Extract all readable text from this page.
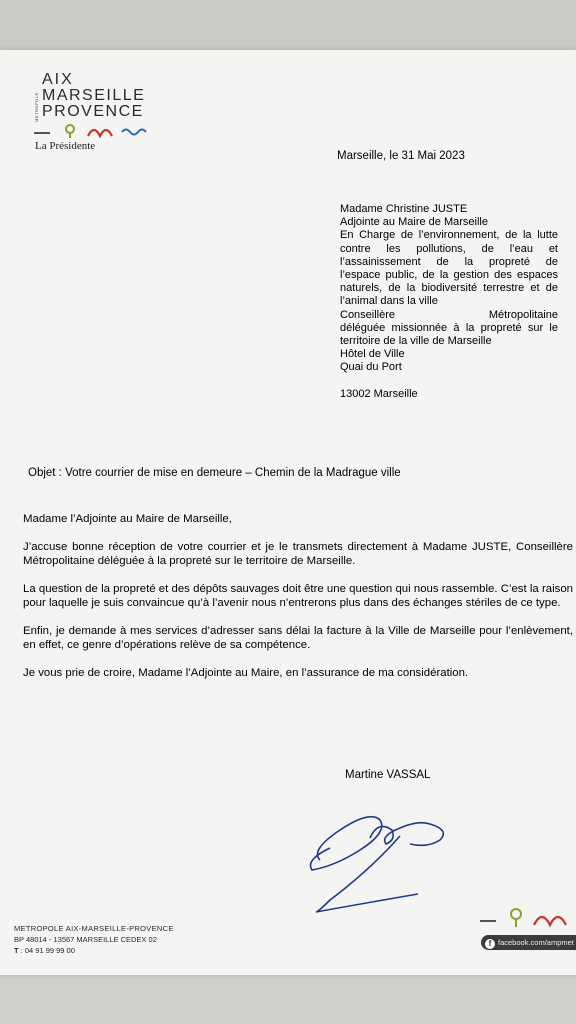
METROPOLE
AIX
MARSEILLE
PROVENCE
La Présidente
Marseille, le 31 Mai 2023
Madame Christine JUSTE
Adjointe au Maire de Marseille
En Charge de l’environnement, de la lutte
contre les pollutions, de l’eau et
l’assainissement de la propreté de
l’espace public, de la gestion des espaces
naturels, de la biodiversité terrestre et de
l’animal dans la ville
Conseillère Métropolitaine
déléguée missionnée à la propreté sur le
territoire de la ville de Marseille
Hôtel de Ville
Quai du Port
13002 Marseille
Objet : Votre courrier de mise en demeure – Chemin de la Madrague ville
Madame l’Adjointe au Maire de Marseille,
J’accuse bonne réception de votre courrier et je le transmets directement à Madame JUSTE, Conseillère Métropolitaine déléguée à la propreté sur le territoire de Marseille.
La question de la propreté et des dépôts sauvages doit être une question qui nous rassemble. C’est la raison pour laquelle je suis convaincue qu’à l’avenir nous n’entrerons plus dans des échanges stériles de ce type.
Enfin, je demande à mes services d’adresser sans délai la facture à la Ville de Marseille pour l’enlèvement, en effet, ce genre d’opérations relève de sa compétence.
Je vous prie de croire, Madame l’Adjointe au Maire, en l’assurance de ma considération.
Martine VASSAL
METROPOLE AIX-MARSEILLE-PROVENCE
BP 48014 - 13567 MARSEILLE CEDEX 02
T : 04 91 99 99 00
f facebook.com/ampmet
